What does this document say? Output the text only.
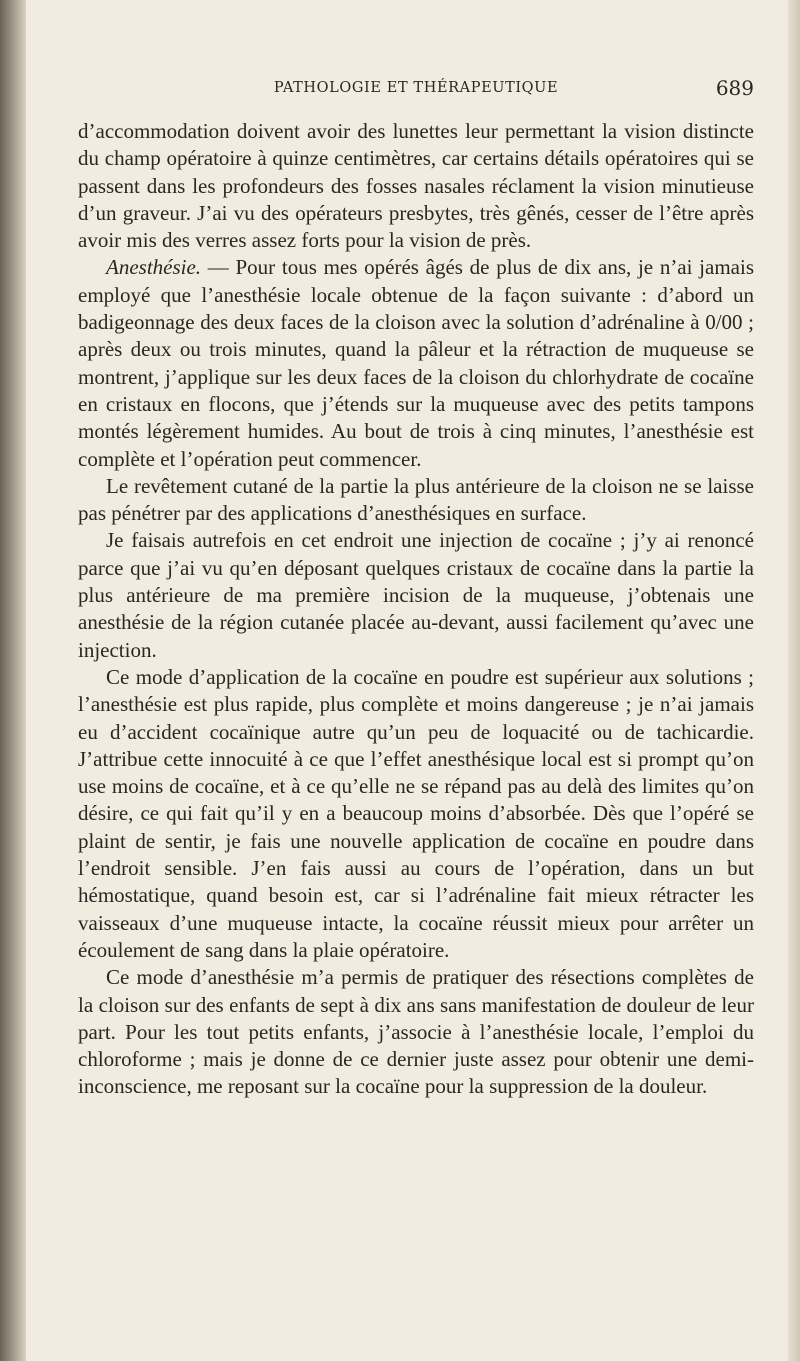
PATHOLOGIE ET THÉRAPEUTIQUE	689

d’accommodation doivent avoir des lunettes leur permettant la vision distincte du champ opératoire à quinze centimètres, car certains détails opératoires qui se passent dans les profondeurs des fosses nasales réclament la vision minutieuse d’un graveur. J’ai vu des opérateurs presbytes, très gênés, cesser de l’être après avoir mis des verres assez forts pour la vision de près.

Anesthésie. — Pour tous mes opérés âgés de plus de dix ans, je n’ai jamais employé que l’anesthésie locale obtenue de la façon suivante : d’abord un badigeonnage des deux faces de la cloison avec la solution d’adrénaline à 0/00 ; après deux ou trois minutes, quand la pâleur et la rétraction de muqueuse se montrent, j’applique sur les deux faces de la cloison du chlorhydrate de cocaïne en cristaux en flocons, que j’étends sur la muqueuse avec des petits tampons montés légèrement humides. Au bout de trois à cinq minutes, l’anesthésie est complète et l’opération peut commencer.

Le revêtement cutané de la partie la plus antérieure de la cloison ne se laisse pas pénétrer par des applications d’anesthésiques en surface.

Je faisais autrefois en cet endroit une injection de cocaïne ; j’y ai renoncé parce que j’ai vu qu’en déposant quelques cristaux de cocaïne dans la partie la plus antérieure de ma première incision de la muqueuse, j’obtenais une anesthésie de la région cutanée placée au-devant, aussi facilement qu’avec une injection.

Ce mode d’application de la cocaïne en poudre est supérieur aux solutions ; l’anesthésie est plus rapide, plus complète et moins dangereuse ; je n’ai jamais eu d’accident cocaïnique autre qu’un peu de loquacité ou de tachicardie. J’attribue cette innocuité à ce que l’effet anesthésique local est si prompt qu’on use moins de cocaïne, et à ce qu’elle ne se répand pas au delà des limites qu’on désire, ce qui fait qu’il y en a beaucoup moins d’absorbée. Dès que l’opéré se plaint de sentir, je fais une nouvelle application de cocaïne en poudre dans l’endroit sensible. J’en fais aussi au cours de l’opération, dans un but hémostatique, quand besoin est, car si l’adrénaline fait mieux rétracter les vaisseaux d’une muqueuse intacte, la cocaïne réussit mieux pour arrêter un écoulement de sang dans la plaie opératoire.

Ce mode d’anesthésie m’a permis de pratiquer des résections complètes de la cloison sur des enfants de sept à dix ans sans manifestation de douleur de leur part. Pour les tout petits enfants, j’associe à l’anesthésie locale, l’emploi du chloroforme ; mais je donne de ce dernier juste assez pour obtenir une demi-inconscience, me reposant sur la cocaïne pour la suppression de la douleur.
